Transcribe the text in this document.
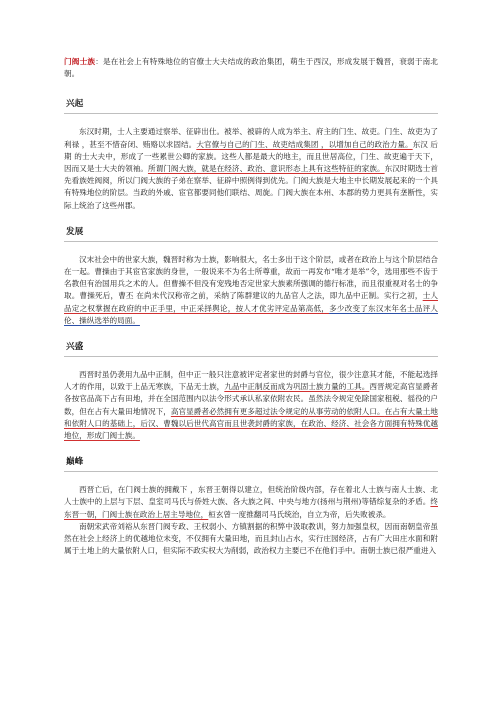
门阀士族：是在社会上有特殊地位的官僚士大夫结成的政治集团，萌生于西汉，形成发展于魏晋，衰弱于南北朝。

兴起

东汉时期，士人主要通过察举、征辟出仕。被举、被辟的人成为举主、府主的门生、故吏。门生、故吏为了利禄 ，甚至不惜奋闭、贿赂以求固结。大官僚与自己的门生、故吏结成集团 ，以增加自己的政治力量。东汉 后期 的士大夫中，形成了一些累世公卿的家族。这些人都是最大的地主，而且世居高位，门生、故吏遍于天下，因而又是士大夫的领袖。所谓门阀大族，就是在经济、政治、意识形态上具有这些特征的家族。东汉时期选士首先看族姓阀阅，所以门阀大族的子弟在察举、征辟中照例得到优先。门阀大族是大地主中长期发展起来的一个具有特殊地位的阶层。当政的外戚、宦官都要同他们联结、周旋。门阀大族在本州、本郡的势力更具有垄断性，实际上统治了这些州郡。

发展

汉末社会中的世家大族，魏晋时称为士族，影响很大，名士多出于这个阶层，或者在政治上与这个阶层结合在一起。曹操由于其宦官家族的身世，一般说来不为名士所尊重，故而一再发布“唯才是举”令，选用那些不齿于名教但有治国用兵之术的人。但曹操不但没有宠残地否定世家大族素所强调的德行标准，而且很重视对名士的争取。曹操死后，曹丕 在尚未代汉称帝之前，采纳了陈群建议的九品官人之法，即九品中正制。实行之初，士人品定之权掌握在政府的中正手里，中正采择舆论，按人才优劣评定品第高低，多少改变了东汉末年名士品评人伦、操纵选举的局面。

兴盛

西晋时虽仍袭用九品中正制，但中正一般只注意被评定者家世的封爵与官位，很少注意其才能，不能起选择人才的作用，以致于上品无寒族，下品无士族，九品中正制反而成为巩固士族力量的工具。西晋规定高官显爵者各按官品高下占有田地，并在全国范围内以法令形式承认私家依附农民。虽然法令规定免除国家租税、徭役的户数，但在占有大量田地情况下，高官显爵者必然拥有更多超过法令规定的从事劳动的依附人口。在占有大量土地和依附人口的基础上，后汉、曹魏以后世代高官而且世袭封爵的家族，在政治、经济、社会各方面拥有特殊优越地位，形成门阀士族。

巅峰

西晋亡后，在门阀士族的拥戴下 ，东晋王朝得以建立，但统治阶级内部，存在着北人士族与南人士族、北人士族中的上层与下层、皇室司马氏与侨姓大族、各大族之间、中央与地方(扬州与荆州)等错综复杂的矛盾。终东晋一朝，门阀士族在政治上居主导地位，桓玄曾一度推翻司马氏统治，自立为帝，后失败被杀。

南朝宋武帝刘裕从东晋门阀专政、王权弱小、方镇割据的积弊中汲取教训，努力加强皇权，因而南朝皇帝虽然在社会上经济上的优越地位未变，不仅拥有大量田地，而且封山占水，实行庄园经济，占有广大田庄水面和附属于土地上的大量依附人口，但实际不政实权大为削弱，政治权力主要已不在他们手中。南朝士族已很严重进入
